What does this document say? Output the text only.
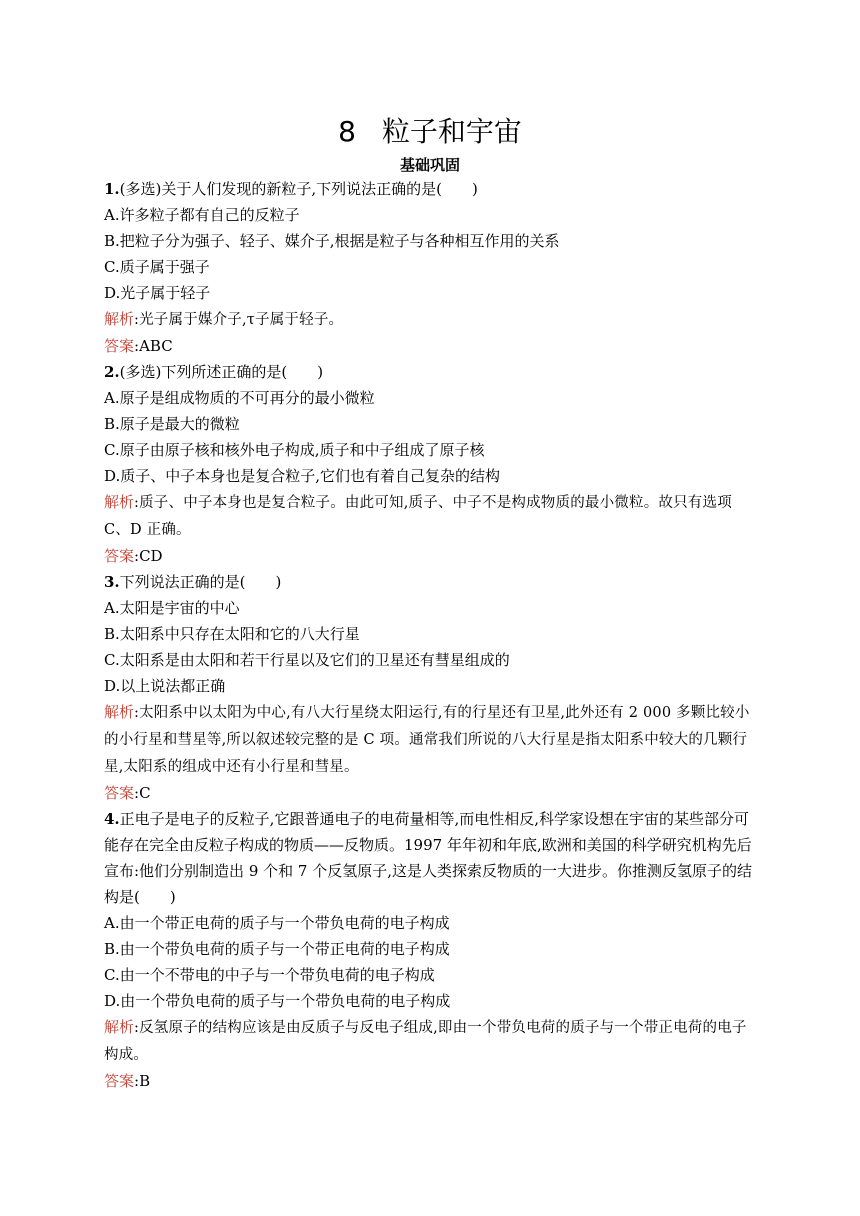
8 粒子和宇宙
基础巩固
1.(多选)关于人们发现的新粒子,下列说法正确的是(　　)
A.许多粒子都有自己的反粒子
B.把粒子分为强子、轻子、媒介子,根据是粒子与各种相互作用的关系
C.质子属于强子
D.光子属于轻子
解析:光子属于媒介子,τ子属于轻子。
答案:ABC
2.(多选)下列所述正确的是(　　)
A.原子是组成物质的不可再分的最小微粒
B.原子是最大的微粒
C.原子由原子核和核外电子构成,质子和中子组成了原子核
D.质子、中子本身也是复合粒子,它们也有着自己复杂的结构
解析:质子、中子本身也是复合粒子。由此可知,质子、中子不是构成物质的最小微粒。故只有选项 C、D 正确。
答案:CD
3.下列说法正确的是(　　)
A.太阳是宇宙的中心
B.太阳系中只存在太阳和它的八大行星
C.太阳系是由太阳和若干行星以及它们的卫星还有彗星组成的
D.以上说法都正确
解析:太阳系中以太阳为中心,有八大行星绕太阳运行,有的行星还有卫星,此外还有 2 000 多颗比较小的小行星和彗星等,所以叙述较完整的是 C 项。通常我们所说的八大行星是指太阳系中较大的几颗行星,太阳系的组成中还有小行星和彗星。
答案:C
4.正电子是电子的反粒子,它跟普通电子的电荷量相等,而电性相反,科学家设想在宇宙的某些部分可能存在完全由反粒子构成的物质——反物质。1997 年年初和年底,欧洲和美国的科学研究机构先后宣布:他们分别制造出 9 个和 7 个反氢原子,这是人类探索反物质的一大进步。你推测反氢原子的结构是(　　)
A.由一个带正电荷的质子与一个带负电荷的电子构成
B.由一个带负电荷的质子与一个带正电荷的电子构成
C.由一个不带电的中子与一个带负电荷的电子构成
D.由一个带负电荷的质子与一个带负电荷的电子构成
解析:反氢原子的结构应该是由反质子与反电子组成,即由一个带负电荷的质子与一个带正电荷的电子构成。
答案:B
